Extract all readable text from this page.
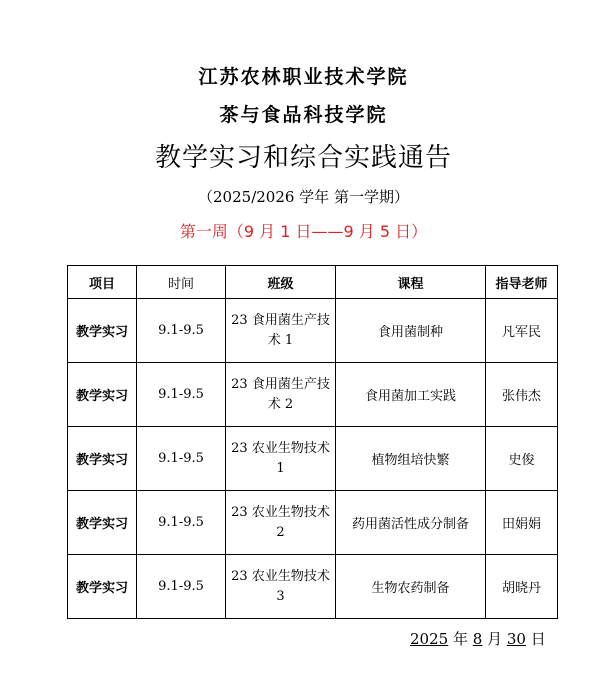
江苏农林职业技术学院
茶与食品科技学院
教学实习和综合实践通告
（2025/2026 学年 第一学期）
第一周（9 月 1 日——9 月 5 日）
项目	时间	班级	课程	指导老师
教学实习	9.1-9.5	23 食用菌生产技术 1	食用菌制种	凡军民
教学实习	9.1-9.5	23 食用菌生产技术 2	食用菌加工实践	张伟杰
教学实习	9.1-9.5	23 农业生物技术 1	植物组培快繁	史俊
教学实习	9.1-9.5	23 农业生物技术 2	药用菌活性成分制备	田娟娟
教学实习	9.1-9.5	23 农业生物技术 3	生物农药制备	胡晓丹
2025 年 8 月 30 日
